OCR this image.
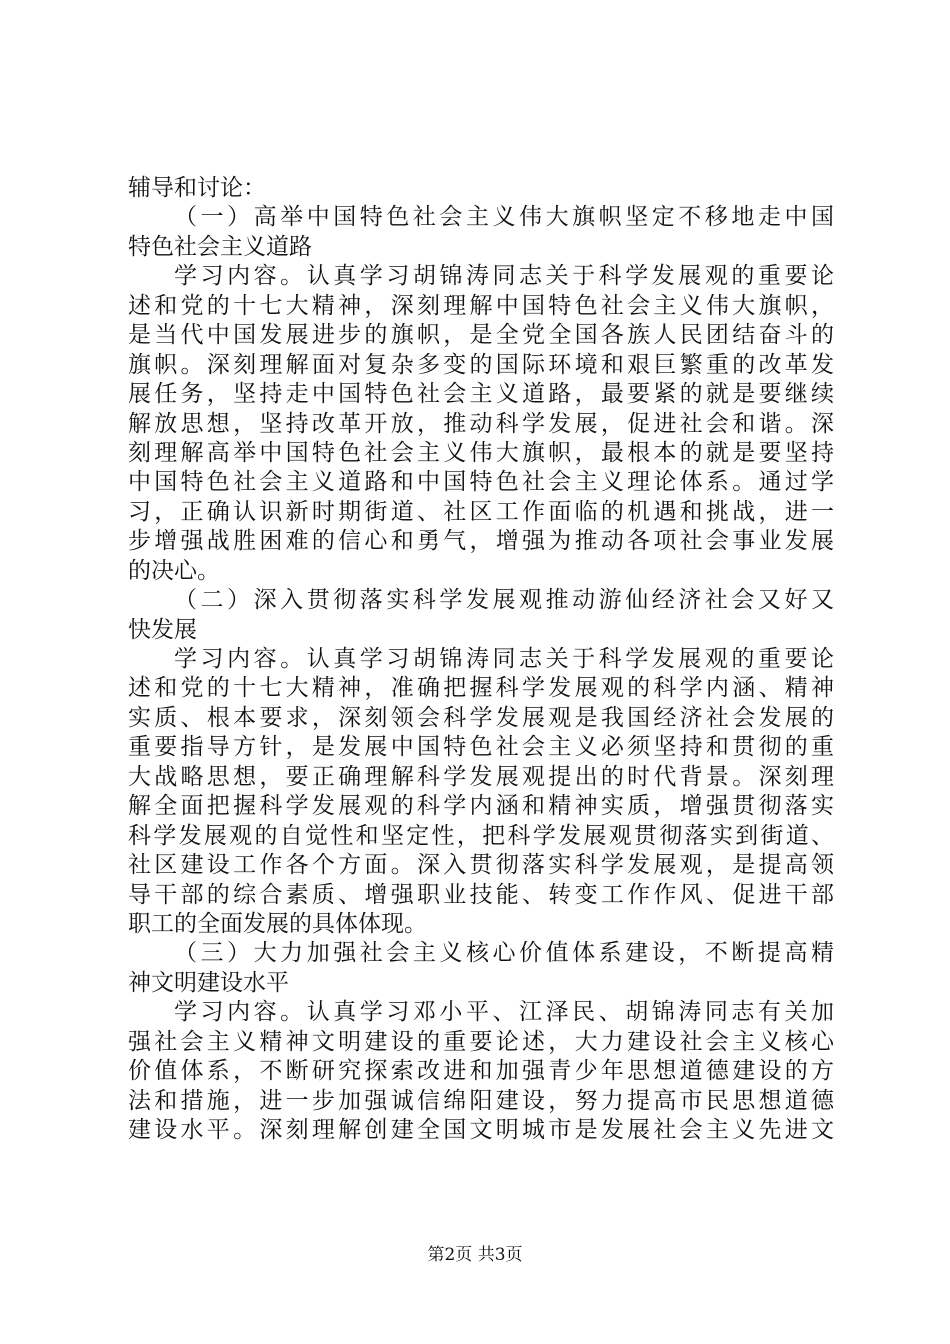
辅导和讨论：
（一）高举中国特色社会主义伟大旗帜坚定不移地走中国
特色社会主义道路
学习内容。认真学习胡锦涛同志关于科学发展观的重要论
述和党的十七大精神，深刻理解中国特色社会主义伟大旗帜，
是当代中国发展进步的旗帜，是全党全国各族人民团结奋斗的
旗帜。深刻理解面对复杂多变的国际环境和艰巨繁重的改革发
展任务，坚持走中国特色社会主义道路，最要紧的就是要继续
解放思想，坚持改革开放，推动科学发展，促进社会和谐。深
刻理解高举中国特色社会主义伟大旗帜，最根本的就是要坚持
中国特色社会主义道路和中国特色社会主义理论体系。通过学
习，正确认识新时期街道、社区工作面临的机遇和挑战，进一
步增强战胜困难的信心和勇气，增强为推动各项社会事业发展
的决心。
（二）深入贯彻落实科学发展观推动游仙经济社会又好又
快发展
学习内容。认真学习胡锦涛同志关于科学发展观的重要论
述和党的十七大精神，准确把握科学发展观的科学内涵、精神
实质、根本要求，深刻领会科学发展观是我国经济社会发展的
重要指导方针，是发展中国特色社会主义必须坚持和贯彻的重
大战略思想，要正确理解科学发展观提出的时代背景。深刻理
解全面把握科学发展观的科学内涵和精神实质，增强贯彻落实
科学发展观的自觉性和坚定性，把科学发展观贯彻落实到街道、
社区建设工作各个方面。深入贯彻落实科学发展观，是提高领
导干部的综合素质、增强职业技能、转变工作作风、促进干部
职工的全面发展的具体体现。
（三）大力加强社会主义核心价值体系建设，不断提高精
神文明建设水平
学习内容。认真学习邓小平、江泽民、胡锦涛同志有关加
强社会主义精神文明建设的重要论述，大力建设社会主义核心
价值体系，不断研究探索改进和加强青少年思想道德建设的方
法和措施，进一步加强诚信绵阳建设，努力提高市民思想道德
建设水平。深刻理解创建全国文明城市是发展社会主义先进文
第2页 共3页
